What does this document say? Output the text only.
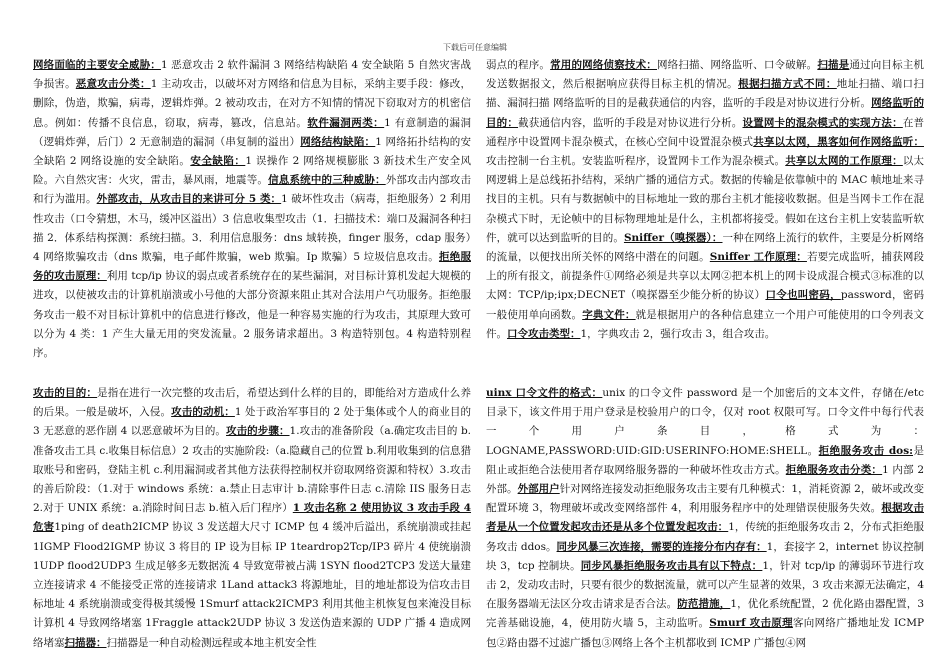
下载后可任意编辑

网络面临的主要安全威胁：1 恶意攻击 2 软件漏洞 3 网络结构缺陷 4 安全缺陷 5 自然灾害战争损害。恶意攻击分类：1 主动攻击，以破坏对方网络和信息为目标，采纳主要手段：修改，删除，伪造，欺骗，病毒，逻辑炸弹。2 被动攻击，在对方不知情的情况下窃取对方的机密信息。例如：传播不良信息，窃取，病毒，篡改，信息站。软件漏洞两类：1 有意制造的漏洞（逻辑炸弹，后门）2 无意制造的漏洞（串复制的溢出）网络结构缺陷：1 网络拓扑结构的安全缺陷 2 网络设施的安全缺陷。安全缺陷：1 误操作 2 网络规模膨胀 3 新技术生产安全风险。六自然灾害：火灾，雷击，暴风雨，地震等。信息系统中的三种威胁：外部攻击内部攻击和行为滥用。外部攻击，从攻击目的来讲可分 5 类：1 破坏性攻击（病毒，拒绝服务）2 利用性攻击（口令猜想，木马，缓冲区溢出）3 信息收集型攻击（1．扫描技术：端口及漏洞各种扫描 2．体系结构探测：系统扫描。3．利用信息服务：dns 域转换，finger 服务，cdap 服务）4 网络欺骗攻击（dns 欺骗，电子邮件欺骗，web 欺骗。Ip 欺骗）5 垃圾信息攻击。拒绝服务的攻击原理：利用 tcp/ip 协议的弱点或者系统存在的某些漏洞，对目标计算机发起大规模的进攻，以使被攻击的计算机崩溃或小号他的大部分资源来阻止其对合法用户气功服务。拒绝服务攻击一般不对目标计算机中的信息进行修改，他是一种容易实施的行为攻击，其原理大致可以分为 4 类：1 产生大量无用的突发流量。2 服务请求超出。3 构造特别包。4 构造特别程序。

弱点的程序。常用的网络侦察技术：网络扫描、网络监听、口令破解。扫描是通过向目标主机发送数据报文，然后根据响应获得目标主机的情况。根据扫描方式不同：地址扫描、端口扫描、漏洞扫描 网络监听的目的是截获通信的内容，监听的手段是对协议进行分析。网络监听的目的：截获通信内容，监听的手段是对协议进行分析。设置网卡的混杂模式的实现方法：在普通程序中设置网卡混杂模式，在核心空间中设置混杂模式共享以太网，黑客如何作网络监听：攻击控制一台主机。安装监听程序，设置网卡工作为混杂模式。共享以太网的工作原理：以太网逻辑上是总线拓扑结构，采纳广播的通信方式。数据的传输是依靠帧中的 MAC 帧地址来寻找目的主机。只有与数据帧中的目标地址一致的那台主机才能接收数据。但是当网卡工作在混杂模式下时，无论帧中的目标物理地址是什么，主机都将接受。假如在这台主机上安装监听软件，就可以达到监听的目的。Sniffer（嗅探器）：一种在网络上流行的软件，主要是分析网络的流量，以便找出所关怀的网络中潜在的问题。Sniffer 工作原理：若要完成监听，捕获网段上的所有报文，前提条件①网络必须是共享以太网②把本机上的网卡设成混合模式③标准的以太网：TCP/ip;ipx;DECNET（嗅探器至少能分析的协议）口令也叫密码，password，密码一般使用单向函数。字典文件：就是根据用户的各种信息建立一个用户可能使用的口令列表文件。口令攻击类型：1，字典攻击 2，强行攻击 3，组合攻击。

攻击的目的：是指在进行一次完整的攻击后，希望达到什么样的目的，即能给对方造成什么养的后果。一般是破坏，入侵。攻击的动机：1 处于政治军事目的 2 处于集体或个人的商业目的 3 无恶意的恶作剧 4 以恶意破坏为目的。攻击的步骤：1.攻击的准备阶段（a.确定攻击目的 b.准备攻击工具 c.收集目标信息）2 攻击的实施阶段:（a.隐藏自己的位置 b.利用收集到的信息猎取账号和密码，登陆主机 c.利用漏洞或者其他方法获得控制权并窃取网络资源和特权）3.攻击的善后阶段：（1.对于 windows 系统：a.禁止日志审计 b.清除事件日志 c.清除 IIS 服务日志 2.对于 UNIX 系统：a.消除时间日志 b.植入后门程序）1 攻击名称 2 使用协议 3 攻击手段 4 危害1ping of death2ICMP 协议 3 发送超大尺寸 ICMP 包 4 缓冲后溢出，系统崩溃或挂起 1IGMP Flood2IGMP 协议 3 将目的 IP 设为目标 IP 1teardrop2Tcp/IP3 碎片 4 使统崩溃 1UDP flood2UDP3 生成足够多无数据流 4 导致宽带被占满 1SYN flood2TCP3 发送大量建立连接请求 4 不能接受正常的连接请求 1Land attack3 将源地址，目的地址都设为信攻击目标地址 4 系统崩溃或变得极其缓慢 1Smurf attack2ICMP3 利用其他主机恢复包来淹没目标计算机 4 导致网络堵塞 1Fraggle attack2UDP 协议 3 发送伪造来源的 UDP 广播 4 造成网络堵塞扫描器：扫描器是一种自动检测远程或本地主机安全性

uinx 口令文件的格式：unix 的口令文件 password 是一个加密后的文本文件，存储在/etc 目录下，该文件用于用户登录是校验用户的口令，仅对 root 权限可写。口令文件中每行代表一个用户条目，格式为：LOGNAME,PASSWORD:UID:GID:USERINFO:HOME:SHELL。拒绝服务攻击 dos:是阻止或拒绝合法使用者存取网络服务器的一种破坏性攻击方式。拒绝服务攻击分类：1 内部 2 外部。外部用户针对网络连接发动拒绝服务攻击主要有几种模式：1，消耗资源 2，破坏或改变配置环境 3，物理破坏或改变网络部件 4，利用服务程序中的处理错误使服务失效。根据攻击者是从一个位置发起攻击还是从多个位置发起攻击：1，传统的拒绝服务攻击 2，分布式拒绝服务攻击 ddos。同步风暴三次连接，需要的连接分布内存有：1，套接字 2，internet 协议控制块 3，tcp 控制块。同步风暴拒绝服务攻击具有以下特点：1，针对 tcp/ip 的薄弱环节进行攻击 2，发动攻击时，只要有很少的数据流量，就可以产生显著的效果，3 攻击来源无法确定，4 在服务器端无法区分攻击请求是否合法。防范措施，1，优化系统配置，2 优化路由器配置，3 完善基础设施，4，使用防火墙 5，主动监听。Smurf 攻击原理客向网络广播地址发 ICMP 包②路由器不过滤广播包③网络上各个主机都收到 ICMP 广播包④网
